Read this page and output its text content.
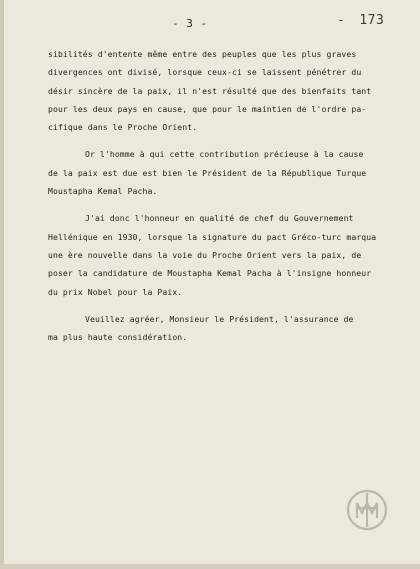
- 3 -	- 173
sibilités d'entente même entre des peuples que les plus graves
divergences ont divisé, lorsque ceux-ci se laissent pénétrer du
désir sincère de la paix, il n'est résulté que des bienfaits tant
pour les deux pays en cause, que pour le maintien de l'ordre pa-
cifique dans le Proche Orient.
Or l'homme à qui cette contribution précieuse à la cause
de la paix est due est bien le Président de la République Turque
Moustapha Kemal Pacha.
J'ai donc l'honneur en qualité de chef du Gouvernement
Hellénique en 1930, lorsque la signature du pact Gréco-turc marqua
une ère nouvelle dans la voie du Proche Orient vers la paix, de
poser la candidature de Moustapha Kemal Pacha à l'insigne honneur
du prix Nobel pour la Paix.
Veuillez agréer, Monsieur le Président, l'assurance de
ma plus haute considération.
